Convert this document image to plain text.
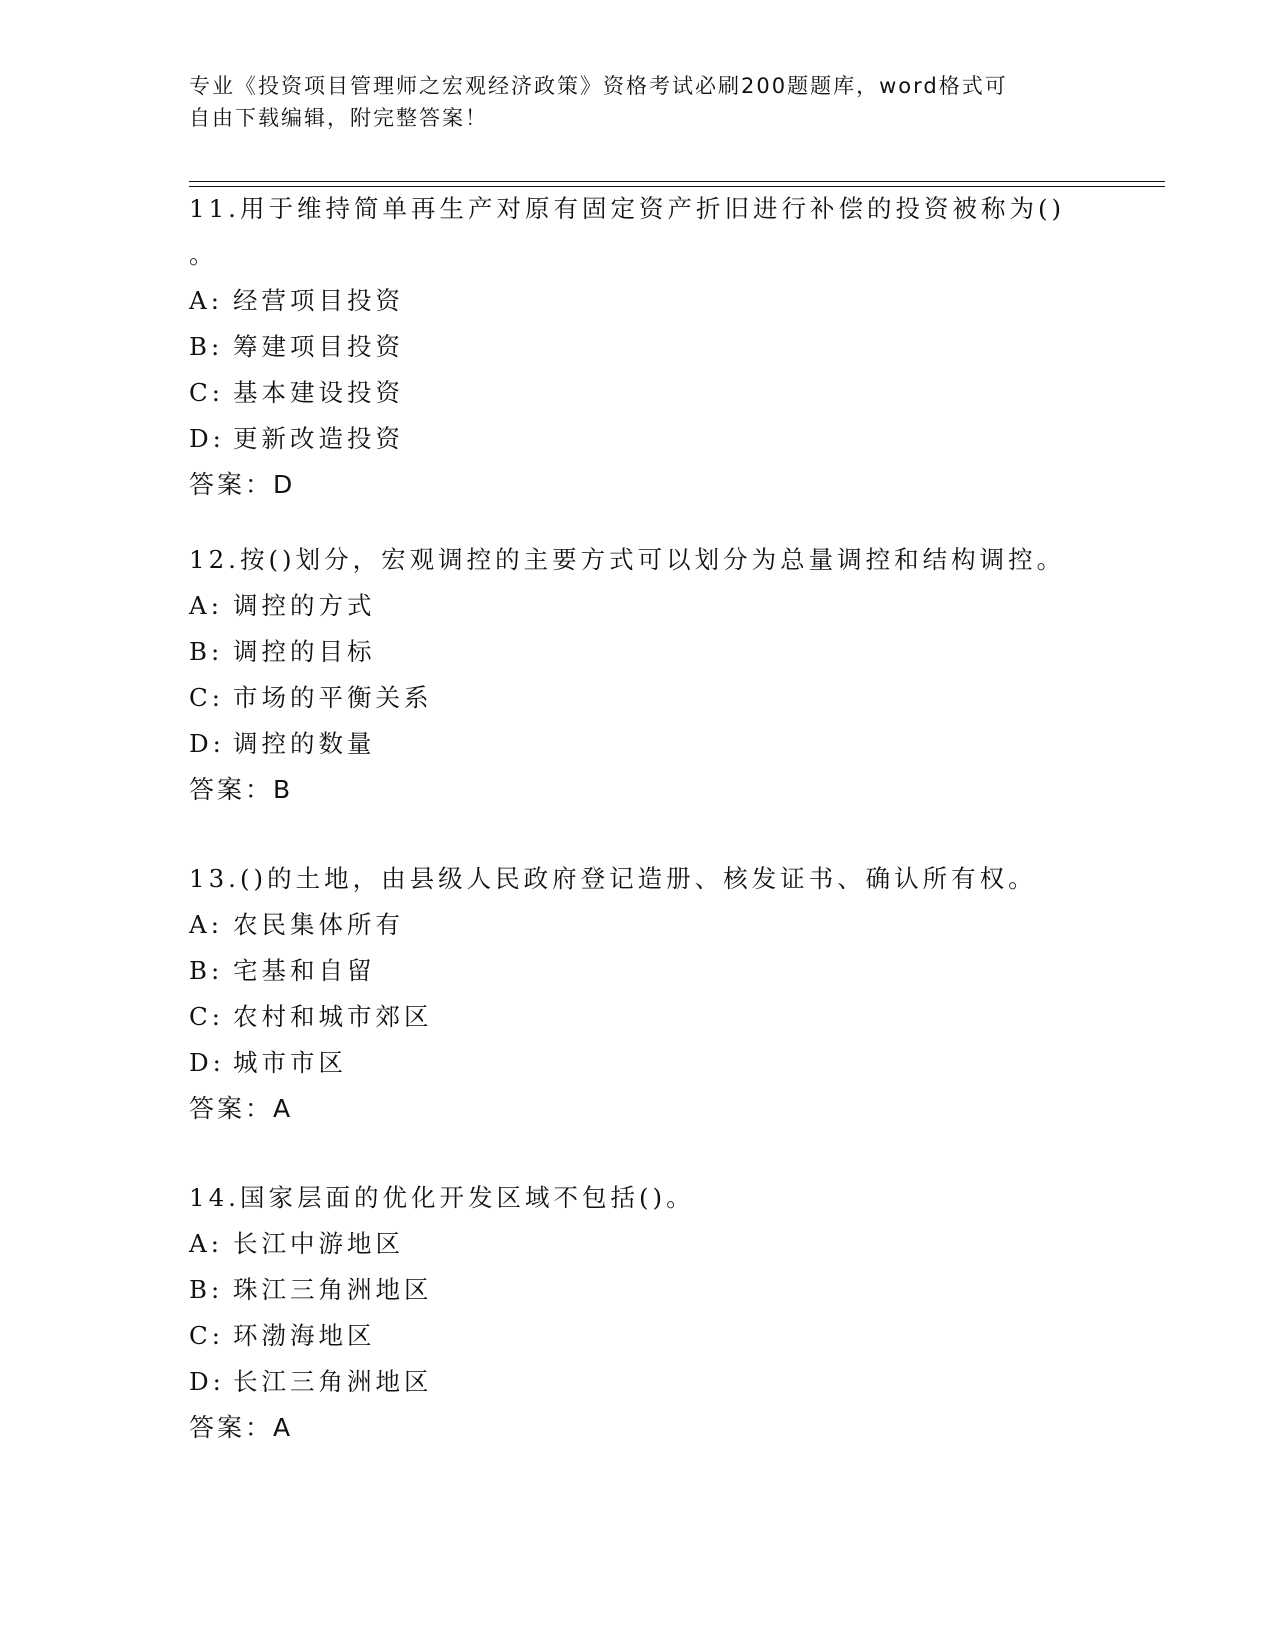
专业《投资项目管理师之宏观经济政策》资格考试必刷200题题库，word格式可
自由下载编辑，附完整答案！
11.用于维持简单再生产对原有固定资产折旧进行补偿的投资被称为()
。
A: 经营项目投资
B: 筹建项目投资
C: 基本建设投资
D: 更新改造投资
答案：D
12.按()划分，宏观调控的主要方式可以划分为总量调控和结构调控。
A: 调控的方式
B: 调控的目标
C: 市场的平衡关系
D: 调控的数量
答案：B
13.()的土地，由县级人民政府登记造册、核发证书、确认所有权。
A: 农民集体所有
B: 宅基和自留
C: 农村和城市郊区
D: 城市市区
答案：A
14.国家层面的优化开发区域不包括()。
A: 长江中游地区
B: 珠江三角洲地区
C: 环渤海地区
D: 长江三角洲地区
答案：A
